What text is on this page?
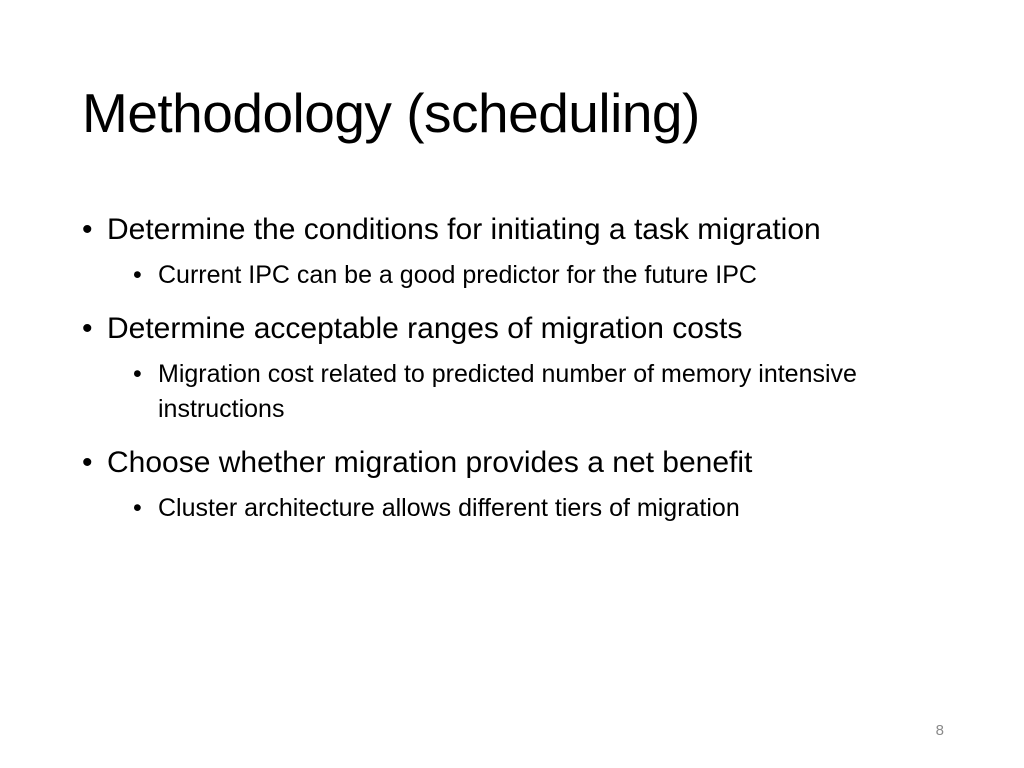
Methodology (scheduling)
• Determine the conditions for initiating a task migration
• Current IPC can be a good predictor for the future IPC
• Determine acceptable ranges of migration costs
• Migration cost related to predicted number of memory intensive instructions
• Choose whether migration provides a net benefit
• Cluster architecture allows different tiers of migration
8
